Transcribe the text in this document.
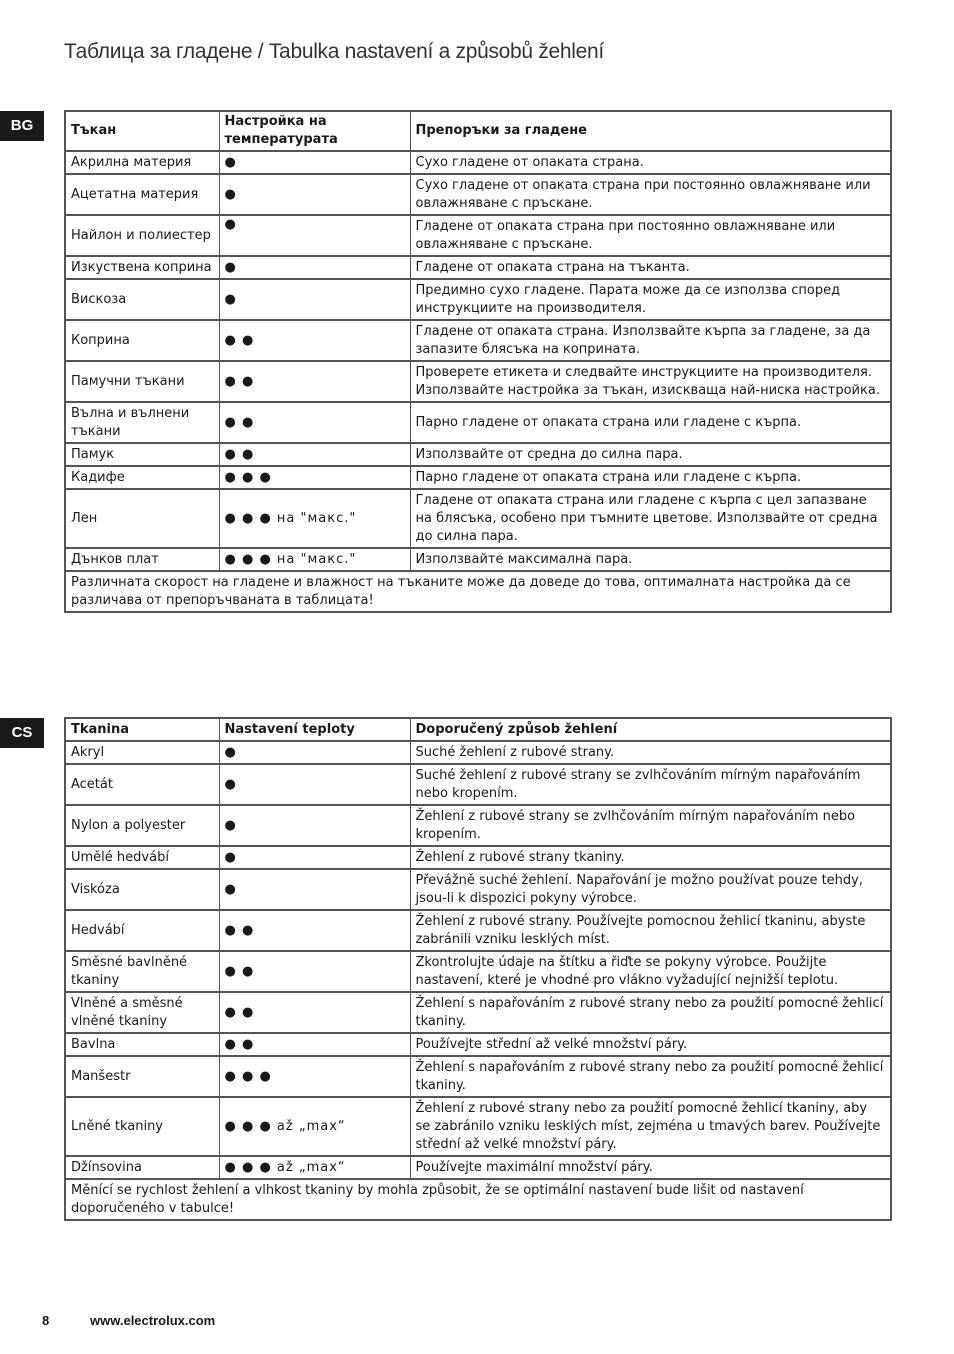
Таблица за гладене / Tabulka nastavení a způsobů žehlení
BG	Тъкан	Настройка на температурата	Препоръки за гладене
Акрилна материя	●	Сухо гладене от опаката страна.
Ацетатна материя	●	Сухо гладене от опаката страна при постоянно овлажняване или овлажняване с пръскане.
Найлон и полиестер	●	Гладене от опаката страна при постоянно овлажняване или овлажняване с пръскане.
Изкуствена коприна	●	Гладене от опаката страна на тъканта.
Вискоза	●	Предимно сухо гладене. Парата може да се използва според инструкциите на производителя.
Коприна	● ●	Гладене от опаката страна. Използвайте кърпа за гладене, за да запазите блясъка на коприната.
Памучни тъкани	● ●	Проверете етикета и следвайте инструкциите на производителя. Използвайте настройка за тъкан, изискваща най-ниска настройка.
Вълна и вълнени тъкани	● ●	Парно гладене от опаката страна или гладене с кърпа.
Памук	● ●	Използвайте от средна до силна пара.
Кадифе	● ● ●	Парно гладене от опаката страна или гладене с кърпа.
Лен	● ● ● на "макс."	Гладене от опаката страна или гладене с кърпа с цел запазване на блясъка, особено при тъмните цветове. Използвайте от средна до силна пара.
Дънков плат	● ● ● на "макс."	Използвайте максимална пара.
Различната скорост на гладене и влажност на тъканите може да доведе до това, оптималната настройка да се различава от препоръчваната в таблицата!		
CS	Tkanina	Nastavení teploty	Doporučený způsob žehlení
Akryl	●	Suché žehlení z rubové strany.
Acetát	●	Suché žehlení z rubové strany se zvlhčováním mírným napařováním nebo kropením.
Nylon a polyester	●	Žehlení z rubové strany se zvlhčováním mírným napařováním nebo kropením.
Umělé hedvábí	●	Žehlení z rubové strany tkaniny.
Viskóza	●	Převážně suché žehlení. Napařování je možno používat pouze tehdy, jsou-li k dispozici pokyny výrobce.
Hedvábí	● ●	Žehlení z rubové strany. Používejte pomocnou žehlicí tkaninu, abyste zabránili vzniku lesklých míst.
Směsné bavlněné tkaniny	● ●	Zkontrolujte údaje na štítku a řiďte se pokyny výrobce. Použijte nastavení, které je vhodné pro vlákno vyžadující nejnižší teplotu.
Vlněné a směsné vlněné tkaniny	● ●	Žehlení s napařováním z rubové strany nebo za použití pomocné žehlicí tkaniny.
Bavlna	● ●	Používejte střední až velké množství páry.
Manšestr	● ● ●	Žehlení s napařováním z rubové strany nebo za použití pomocné žehlicí tkaniny.
Lněné tkaniny	● ● ● až „max“	Žehlení z rubové strany nebo za použití pomocné žehlicí tkaniny, aby se zabránilo vzniku lesklých míst, zejména u tmavých barev. Používejte střední až velké množství páry.
Džínsovina	● ● ● až „max“	Používejte maximální množství páry.
Měnící se rychlost žehlení a vlhkost tkaniny by mohla způsobit, že se optimální nastavení bude lišit od nastavení doporučeného v tabulce!		
8	www.electrolux.com
